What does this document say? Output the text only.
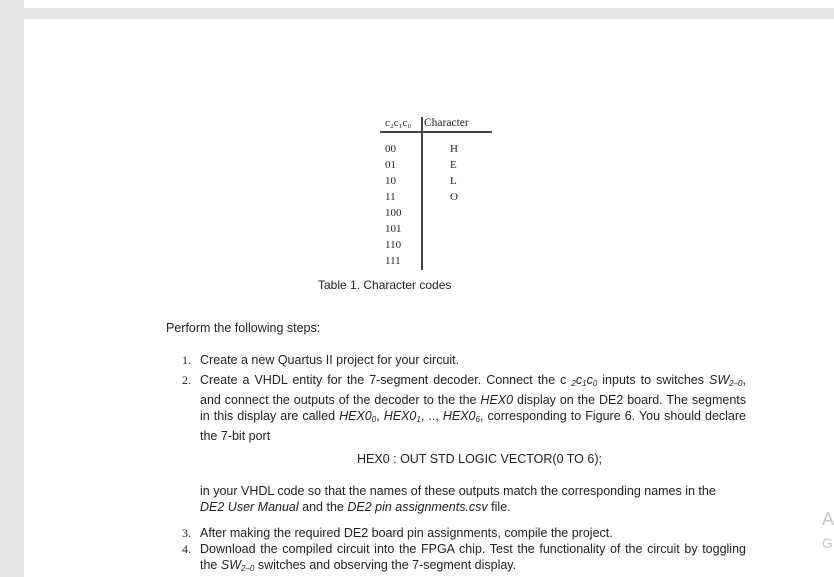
c₂c₁c₀ Character
00
01
10
11
100
101
110
111
H
E
L
O
Table 1. Character codes
Perform the following steps:
1. Create a new Quartus II project for your circuit.
2. Create a VHDL entity for the 7-segment decoder. Connect the c $_2c_1c_0$ inputs to switches $SW_{2-0}$, and connect the outputs of the decoder to the the HEX0 display on the DE2 board. The segments in this display are called $HEX0_0$, $HEX0_1$, .., $HEX0_6$, corresponding to Figure 6. You should declare the 7-bit port
HEX0 : OUT STD LOGIC VECTOR(0 TO 6);
in your VHDL code so that the names of these outputs match the corresponding names in the DE2 User Manual and the DE2 pin assignments.csv file.
3. After making the required DE2 board pin assignments, compile the project.
4. Download the compiled circuit into the FPGA chip. Test the functionality of the circuit by toggling the $SW_{2-0}$ switches and observing the 7-segment display.
A
G
